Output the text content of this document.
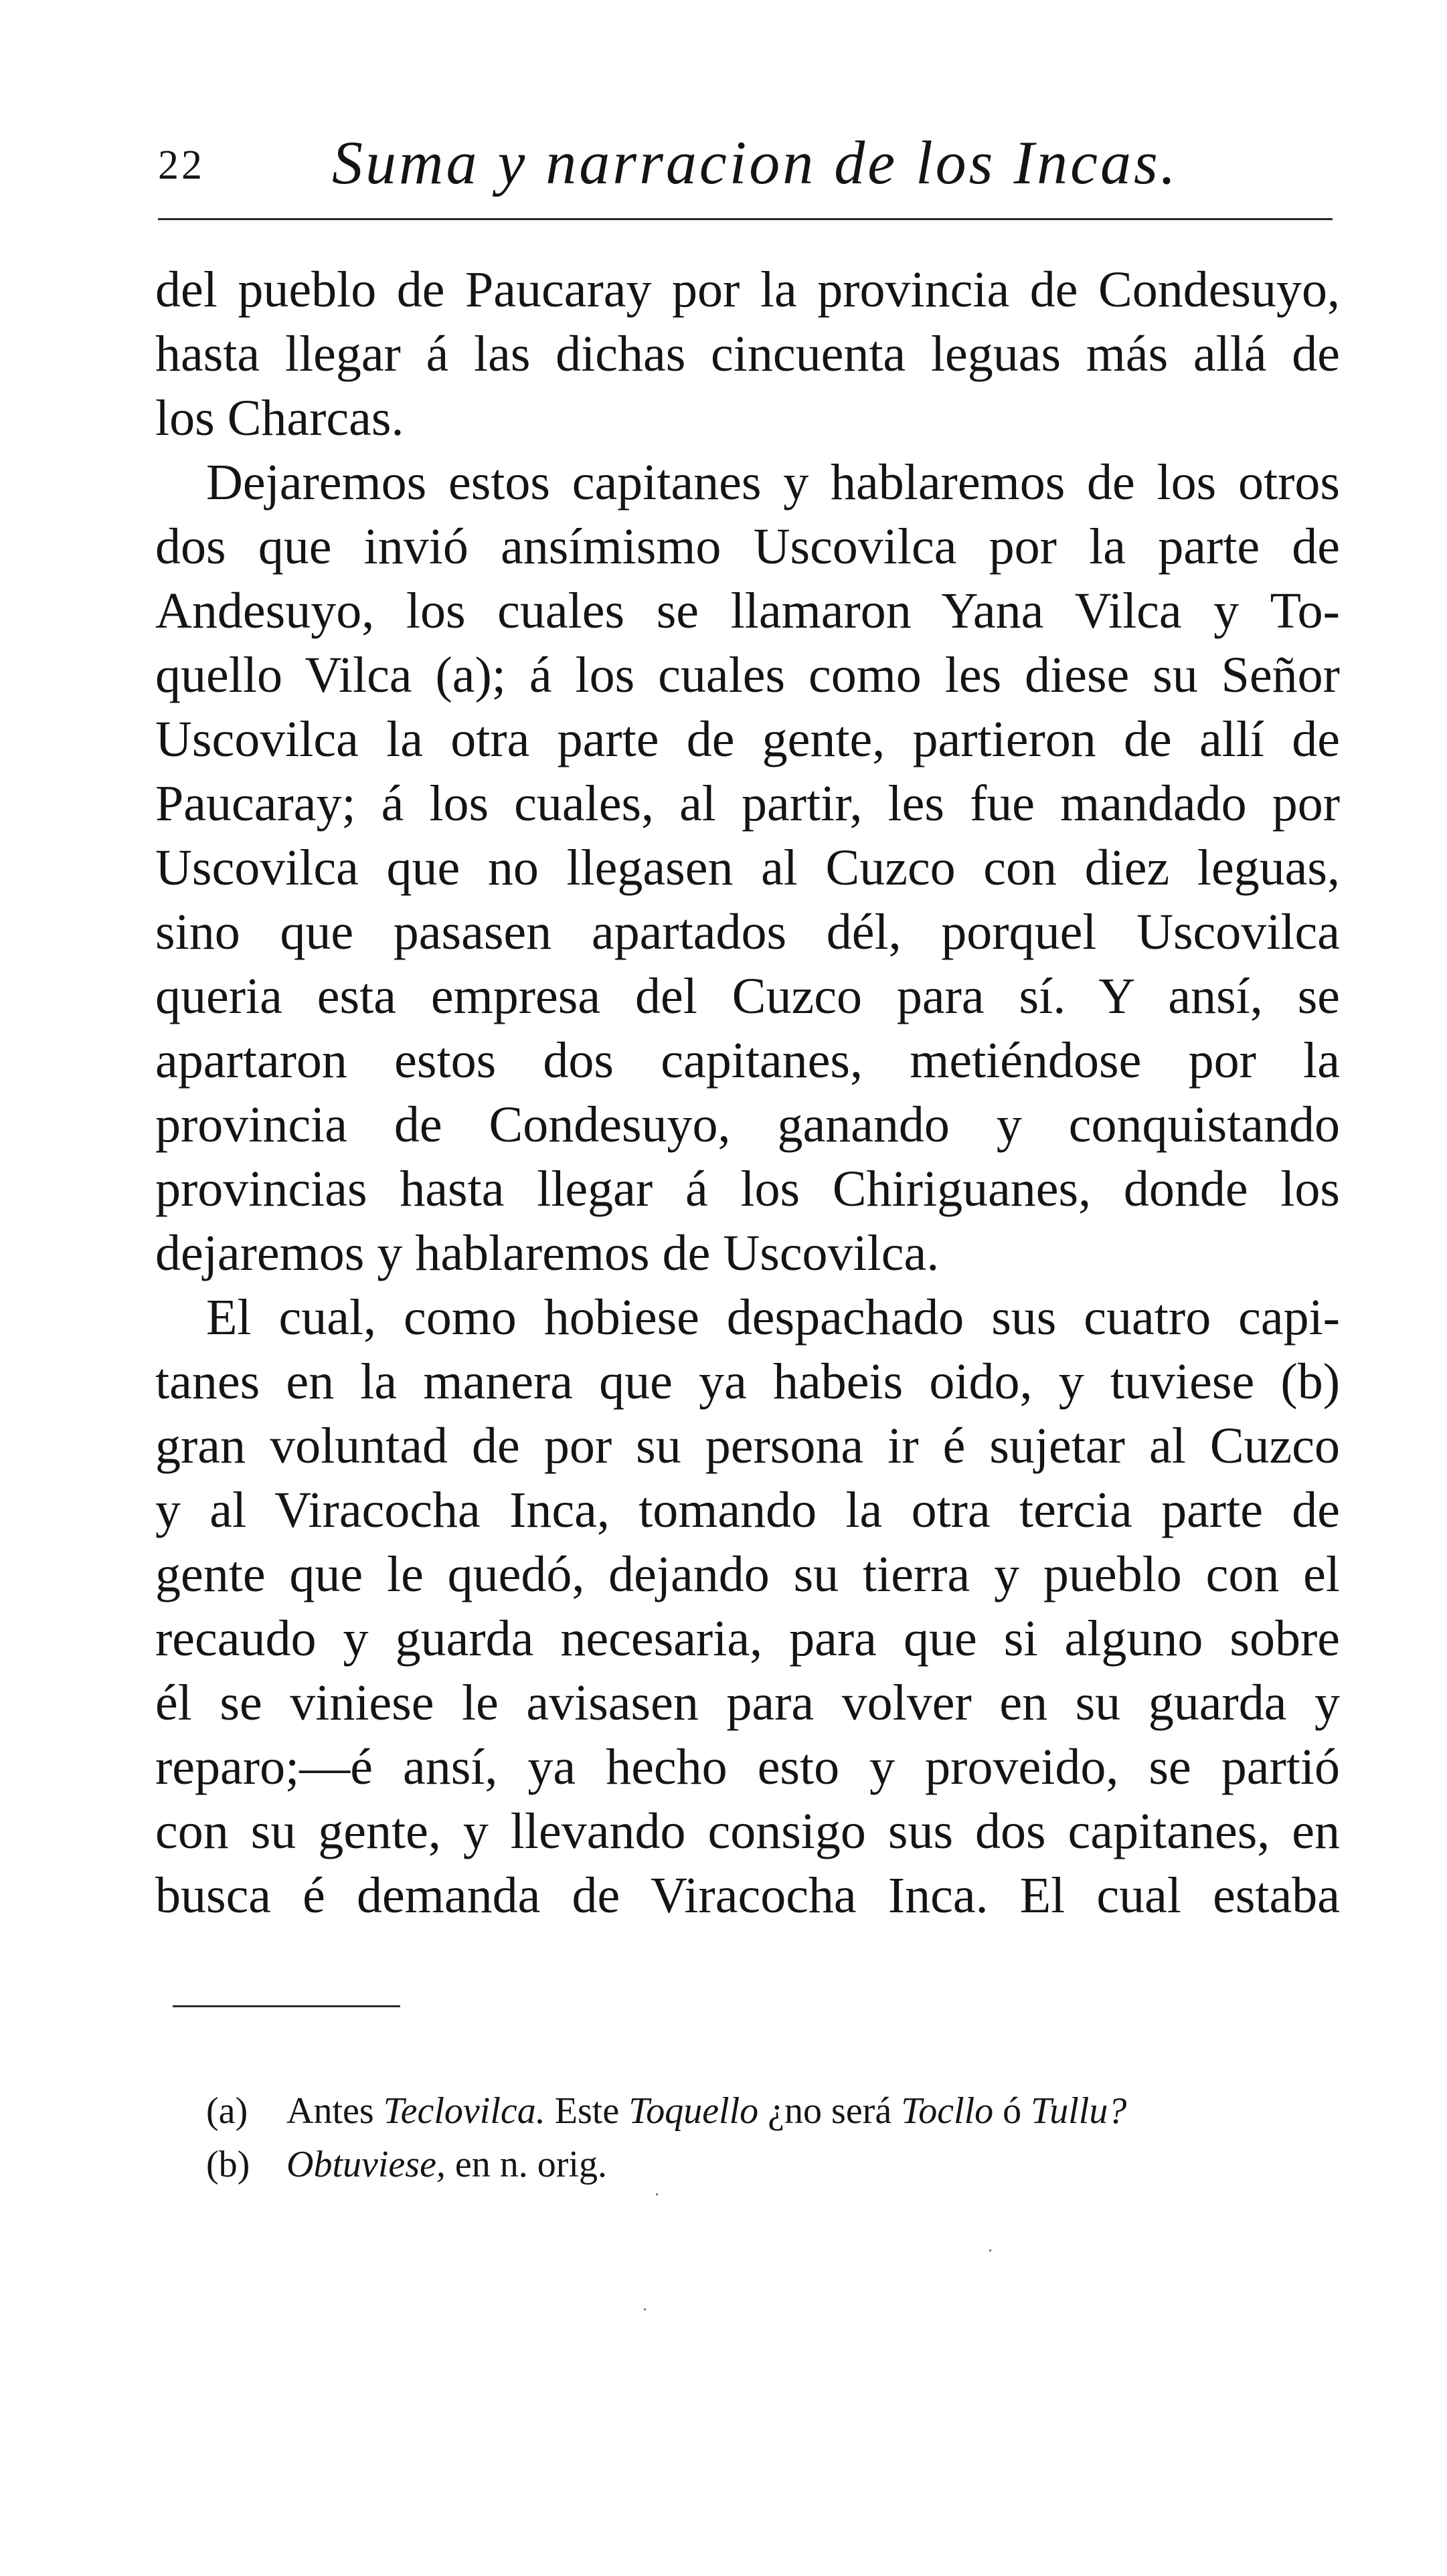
22 Suma y narracion de los Incas.
del pueblo de Paucaray por la provincia de Condesuyo,
hasta llegar á las dichas cincuenta leguas más allá de
los Charcas.
Dejaremos estos capitanes y hablaremos de los otros
dos que invió ansímismo Uscovilca por la parte de
Andesuyo, los cuales se llamaron Yana Vilca y To-
quello Vilca (a); á los cuales como les diese su Señor
Uscovilca la otra parte de gente, partieron de allí de
Paucaray; á los cuales, al partir, les fue mandado por
Uscovilca que no llegasen al Cuzco con diez leguas,
sino que pasasen apartados dél, porquel Uscovilca
queria esta empresa del Cuzco para sí. Y ansí, se
apartaron estos dos capitanes, metiéndose por la
provincia de Condesuyo, ganando y conquistando
provincias hasta llegar á los Chiriguanes, donde los
dejaremos y hablaremos de Uscovilca.
El cual, como hobiese despachado sus cuatro capi-
tanes en la manera que ya habeis oido, y tuviese (b)
gran voluntad de por su persona ir é sujetar al Cuzco
y al Viracocha Inca, tomando la otra tercia parte de
gente que le quedó, dejando su tierra y pueblo con el
recaudo y guarda necesaria, para que si alguno sobre
él se viniese le avisasen para volver en su guarda y
reparo;—é ansí, ya hecho esto y proveido, se partió
con su gente, y llevando consigo sus dos capitanes, en
busca é demanda de Viracocha Inca. El cual estaba
(a) Antes Teclovilca. Este Toquello ¿no será Tocllo ó Tullu?
(b) Obtuviese, en n. orig.
